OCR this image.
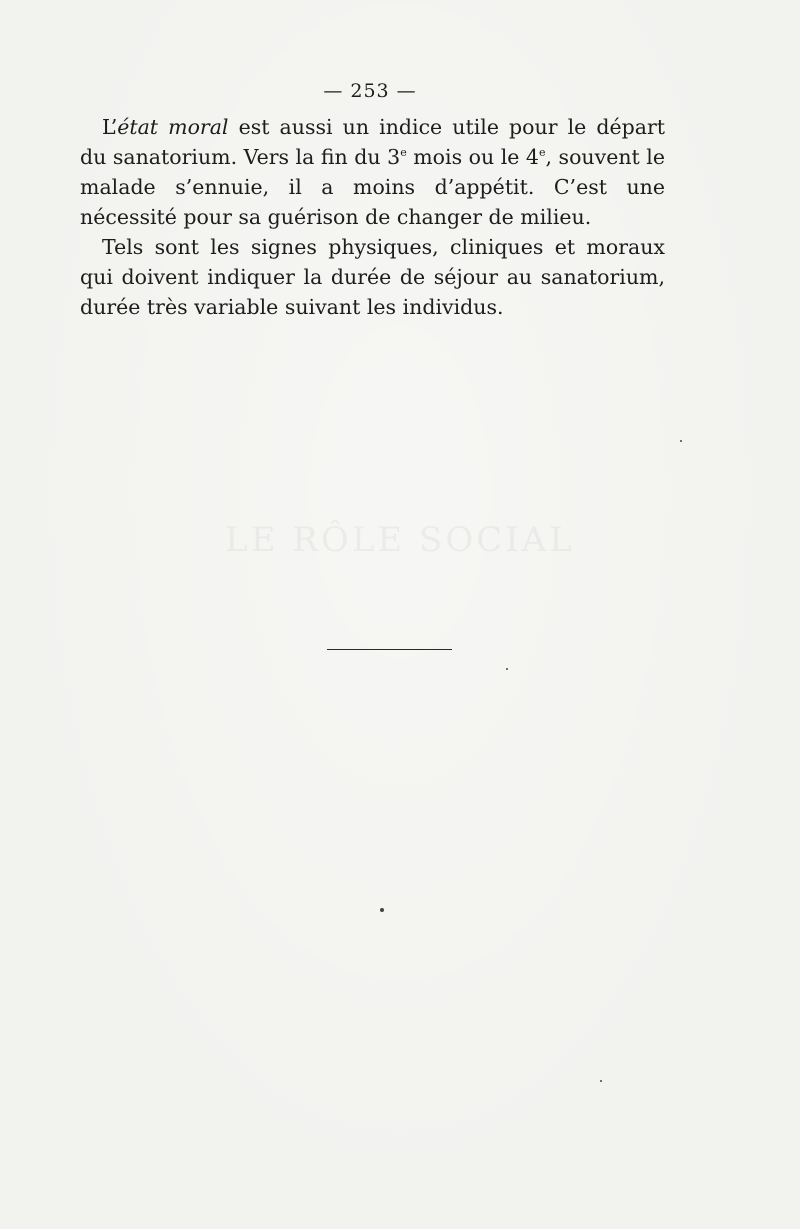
— 253 —

L’état moral est aussi un indice utile pour le départ du sanatorium. Vers la fin du 3e mois ou le 4e, souvent le malade s’ennuie, il a moins d’appétit. C’est une nécessité pour sa guérison de changer de milieu.

Tels sont les signes physiques, cliniques et moraux qui doivent indiquer la durée de séjour au sanatorium, durée très variable suivant les individus.
